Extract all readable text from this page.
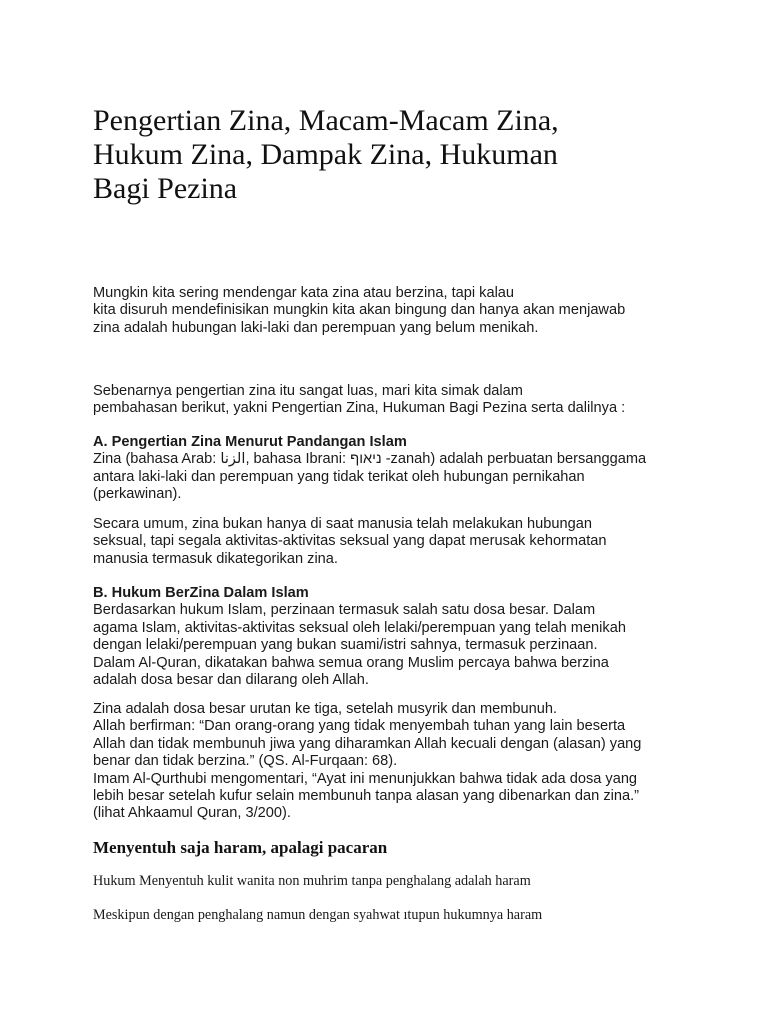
Pengertian Zina, Macam-Macam Zina,
Hukum Zina, Dampak Zina, Hukuman
Bagi Pezina
Mungkin kita sering mendengar kata zina atau berzina, tapi kalau
kita disuruh mendefinisikan mungkin kita akan bingung dan hanya akan menjawab
zina adalah hubungan laki-laki dan perempuan yang belum menikah.
Sebenarnya pengertian zina itu sangat luas, mari kita simak dalam
pembahasan berikut, yakni Pengertian Zina, Hukuman Bagi Pezina serta dalilnya :
A. Pengertian Zina Menurut Pandangan Islam
Zina (bahasa Arab: الزنا, bahasa Ibrani: ניאוף -zanah) adalah perbuatan bersanggama
antara laki-laki dan perempuan yang tidak terikat oleh hubungan pernikahan
(perkawinan).
Secara umum, zina bukan hanya di saat manusia telah melakukan hubungan
seksual, tapi segala aktivitas-aktivitas seksual yang dapat merusak kehormatan
manusia termasuk dikategorikan zina.
B. Hukum BerZina Dalam Islam
Berdasarkan hukum Islam, perzinaan termasuk salah satu dosa besar. Dalam
agama Islam, aktivitas-aktivitas seksual oleh lelaki/perempuan yang telah menikah
dengan lelaki/perempuan yang bukan suami/istri sahnya, termasuk perzinaan.
Dalam Al-Quran, dikatakan bahwa semua orang Muslim percaya bahwa berzina
adalah dosa besar dan dilarang oleh Allah.
Zina adalah dosa besar urutan ke tiga, setelah musyrik dan membunuh.
Allah berfirman: “Dan orang-orang yang tidak menyembah tuhan yang lain beserta
Allah dan tidak membunuh jiwa yang diharamkan Allah kecuali dengan (alasan) yang
benar dan tidak berzina.” (QS. Al-Furqaan: 68).
Imam Al-Qurthubi mengomentari, “Ayat ini menunjukkan bahwa tidak ada dosa yang
lebih besar setelah kufur selain membunuh tanpa alasan yang dibenarkan dan zina.”
(lihat Ahkaamul Quran, 3/200).
Menyentuh saja haram, apalagi pacaran

Hukum Menyentuh kulit wanita non muhrim tanpa penghalang adalah haram

Meskipun dengan penghalang namun dengan syahwat ıtupun hukumnya haram
